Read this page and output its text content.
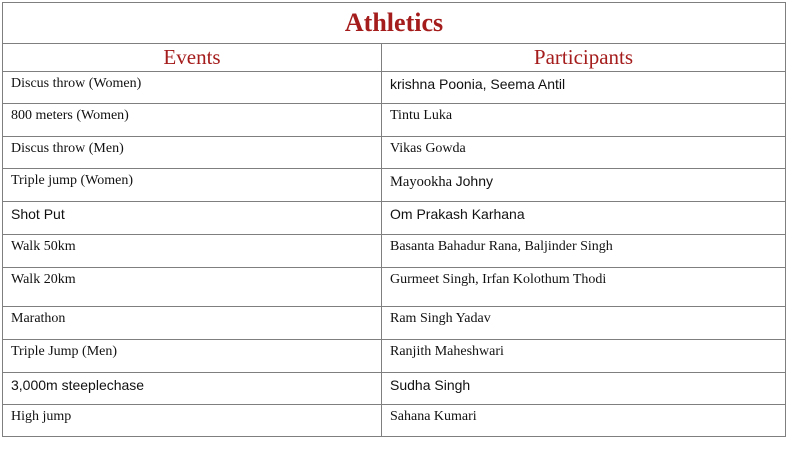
Athletics	
Events	Participants
Discus throw (Women)	krishna Poonia, Seema Antil
800 meters (Women)	Tintu Luka
Discus throw (Men)	Vikas Gowda
Triple jump (Women)	Mayookha Johny
Shot Put	Om Prakash Karhana
Walk 50km	Basanta Bahadur Rana, Baljinder Singh
Walk 20km	Gurmeet Singh, Irfan Kolothum Thodi
Marathon	Ram Singh Yadav
Triple Jump (Men)	Ranjith Maheshwari
3,000m steeplechase	Sudha Singh
High jump	Sahana Kumari
